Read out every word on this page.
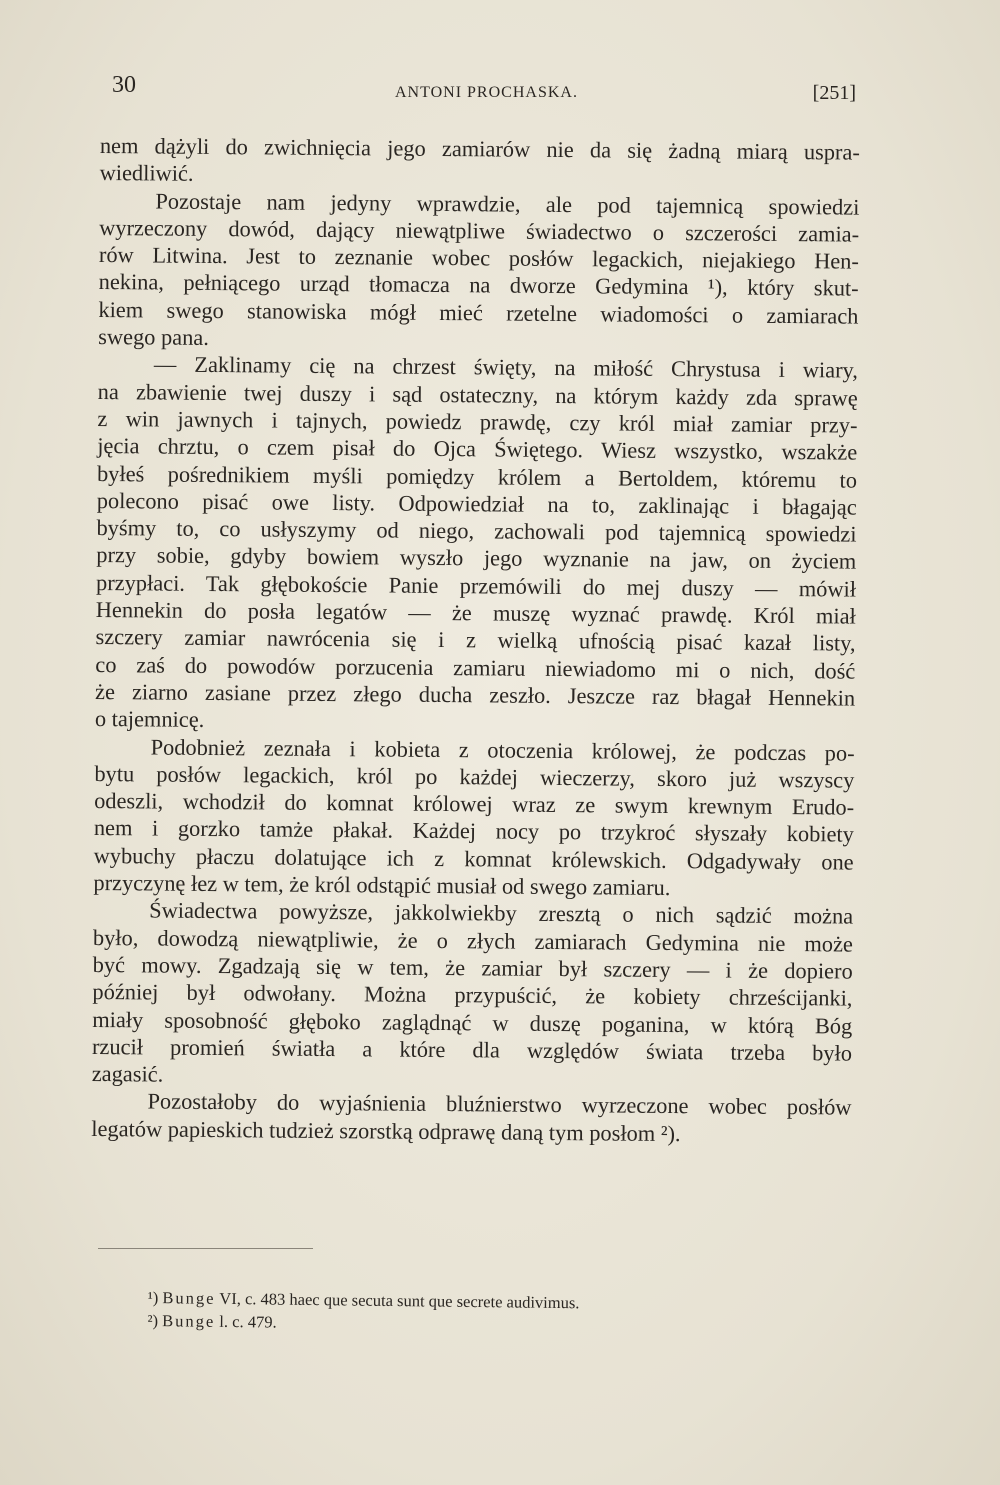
30	ANTONI PROCHASKA.	[251]
nem dążyli do zwichnięcia jego zamiarów nie da się żadną miarą uspra-
wiedliwić.
Pozostaje nam jedyny wprawdzie, ale pod tajemnicą spowiedzi
wyrzeczony dowód, dający niewątpliwe świadectwo o szczerości zamia-
rów Litwina. Jest to zeznanie wobec posłów legackich, niejakiego Hen-
nekina, pełniącego urząd tłomacza na dworze Gedymina ¹), który skut-
kiem swego stanowiska mógł mieć rzetelne wiadomości o zamiarach
swego pana.
— Zaklinamy cię na chrzest święty, na miłość Chrystusa i wiary,
na zbawienie twej duszy i sąd ostateczny, na którym każdy zda sprawę
z win jawnych i tajnych, powiedz prawdę, czy król miał zamiar przy-
jęcia chrztu, o czem pisał do Ojca Świętego. Wiesz wszystko, wszakże
byłeś pośrednikiem myśli pomiędzy królem a Bertoldem, któremu to
polecono pisać owe listy. Odpowiedział na to, zaklinając i błagając
byśmy to, co usłyszymy od niego, zachowali pod tajemnicą spowiedzi
przy sobie, gdyby bowiem wyszło jego wyznanie na jaw, on życiem
przypłaci. Tak głębokoście Panie przemówili do mej duszy — mówił
Hennekin do posła legatów — że muszę wyznać prawdę. Król miał
szczery zamiar nawrócenia się i z wielką ufnością pisać kazał listy,
co zaś do powodów porzucenia zamiaru niewiadomo mi o nich, dość
że ziarno zasiane przez złego ducha zeszło. Jeszcze raz błagał Hennekin
o tajemnicę.
Podobnież zeznała i kobieta z otoczenia królowej, że podczas po-
bytu posłów legackich, król po każdej wieczerzy, skoro już wszyscy
odeszli, wchodził do komnat królowej wraz ze swym krewnym Erudo-
nem i gorzko tamże płakał. Każdej nocy po trzykroć słyszały kobiety
wybuchy płaczu dolatujące ich z komnat królewskich. Odgadywały one
przyczynę łez w tem, że król odstąpić musiał od swego zamiaru.
Świadectwa powyższe, jakkolwiekby zresztą o nich sądzić można
było, dowodzą niewątpliwie, że o złych zamiarach Gedymina nie może
być mowy. Zgadzają się w tem, że zamiar był szczery — i że dopiero
później był odwołany. Można przypuścić, że kobiety chrześcijanki,
miały sposobność głęboko zaglądnąć w duszę poganina, w którą Bóg
rzucił promień światła a które dla względów świata trzeba było
zagasić.
Pozostałoby do wyjaśnienia bluźnierstwo wyrzeczone wobec posłów
legatów papieskich tudzież szorstką odprawę daną tym posłom ²).
¹) Bunge VI, c. 483 haec que secuta sunt que secrete audivimus.
²) Bunge l. c. 479.
